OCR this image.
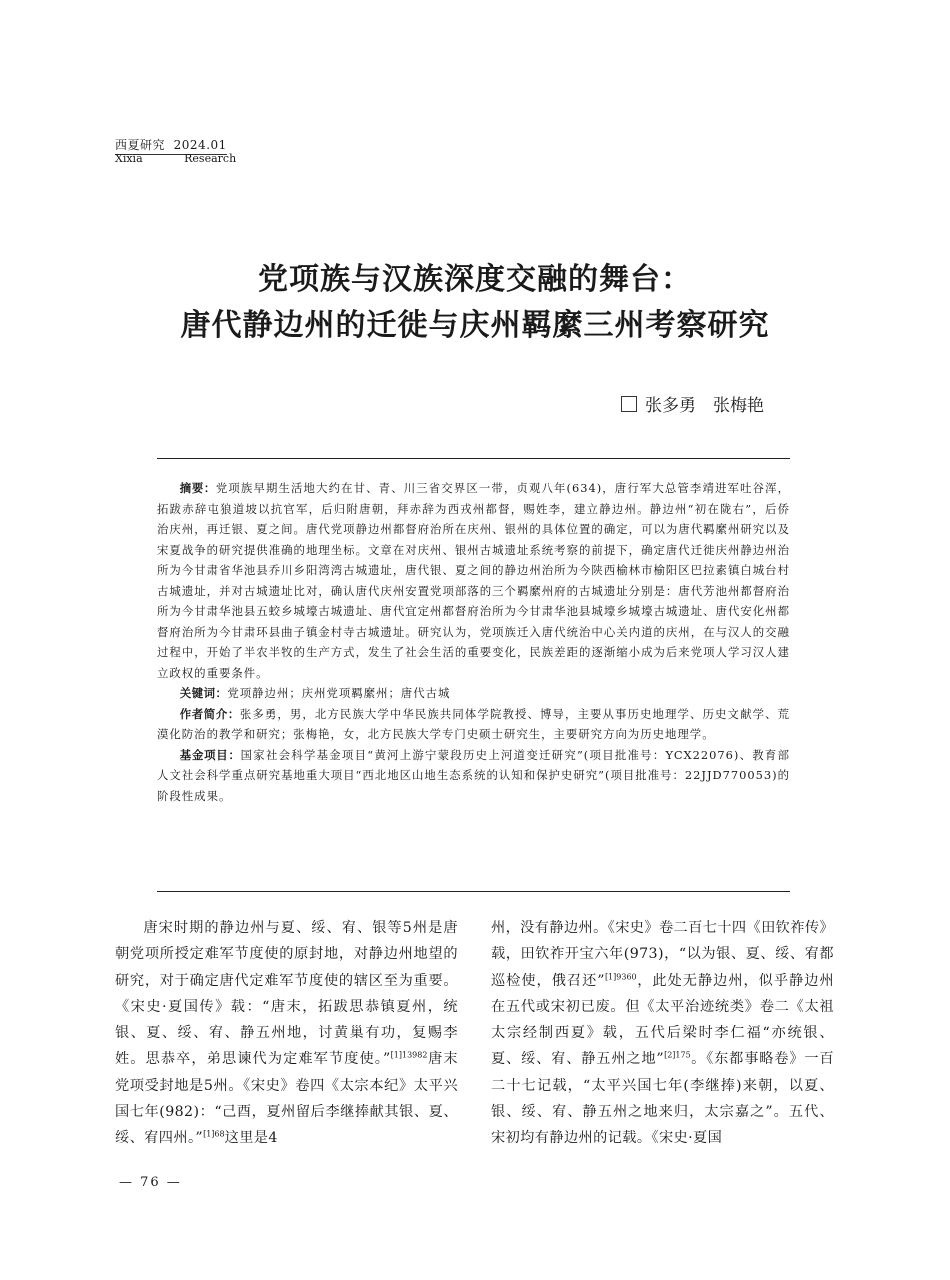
西夏研究 2024.01
Xixia	Research
党项族与汉族深度交融的舞台：
唐代静边州的迁徙与庆州羁縻三州考察研究
张多勇　张梅艳

摘要：党项族早期生活地大约在甘、青、川三省交界区一带，贞观八年(634)，唐行军大总管李靖进军吐谷浑，拓跋赤辞屯狼道坡以抗官军，后归附唐朝，拜赤辞为西戎州都督，赐姓李，建立静边州。静边州“初在陇右”，后侨治庆州，再迁银、夏之间。唐代党项静边州都督府治所在庆州、银州的具体位置的确定，可以为唐代羁縻州研究以及宋夏战争的研究提供准确的地理坐标。文章在对庆州、银州古城遗址系统考察的前提下，确定唐代迁徙庆州静边州治所为今甘肃省华池县乔川乡阳湾湾古城遗址，唐代银、夏之间的静边州治所为今陕西榆林市榆阳区巴拉素镇白城台村古城遗址，并对古城遗址比对，确认唐代庆州安置党项部落的三个羁縻州府的古城遗址分别是：唐代芳池州都督府治所为今甘肃华池县五蛟乡城壕古城遗址、唐代宜定州都督府治所为今甘肃华池县城壕乡城壕古城遗址、唐代安化州都督府治所为今甘肃环县曲子镇金村寺古城遗址。研究认为，党项族迁入唐代统治中心关内道的庆州，在与汉人的交融过程中，开始了半农半牧的生产方式，发生了社会生活的重要变化，民族差距的逐渐缩小成为后来党项人学习汉人建立政权的重要条件。

关键词：党项静边州；庆州党项羁縻州；唐代古城

作者简介：张多勇，男，北方民族大学中华民族共同体学院教授、博导，主要从事历史地理学、历史文献学、荒漠化防治的教学和研究；张梅艳，女，北方民族大学专门史硕士研究生，主要研究方向为历史地理学。

基金项目：国家社会科学基金项目“黄河上游宁蒙段历史上河道变迁研究”(项目批准号：YCX22076)、教育部人文社会科学重点研究基地重大项目“西北地区山地生态系统的认知和保护史研究”(项目批准号：22JJD770053)的阶段性成果。

唐宋时期的静边州与夏、绥、宥、银等5州是唐朝党项所授定难军节度使的原封地，对静边州地望的研究，对于确定唐代定难军节度使的辖区至为重要。《宋史·夏国传》载：“唐末，拓跋思恭镇夏州，统银、夏、绥、宥、静五州地，讨黄巢有功，复赐李姓。思恭卒，弟思谏代为定难军节度使。”$^{[1]13982}$唐末党项受封地是5州。《宋史》卷四《太宗本纪》太平兴国七年(982)：“己酉，夏州留后李继捧献其银、夏、绥、宥四州。”$^{[1]68}$这里是4

州，没有静边州。《宋史》卷二百七十四《田钦祚传》载，田钦祚开宝六年(973)，“以为银、夏、绥、宥都巡检使，俄召还”$^{[1]9360}$，此处无静边州，似乎静边州在五代或宋初已废。但《太平治迹统类》卷二《太祖太宗经制西夏》载，五代后梁时李仁福“亦统银、夏、绥、宥、静五州之地”$^{[2]175}$。《东都事略卷》一百二十七记载，“太平兴国七年(李继捧)来朝，以夏、银、绥、宥、静五州之地来归，太宗嘉之”。五代、宋初均有静边州的记载。《宋史·夏国

— 76 —
